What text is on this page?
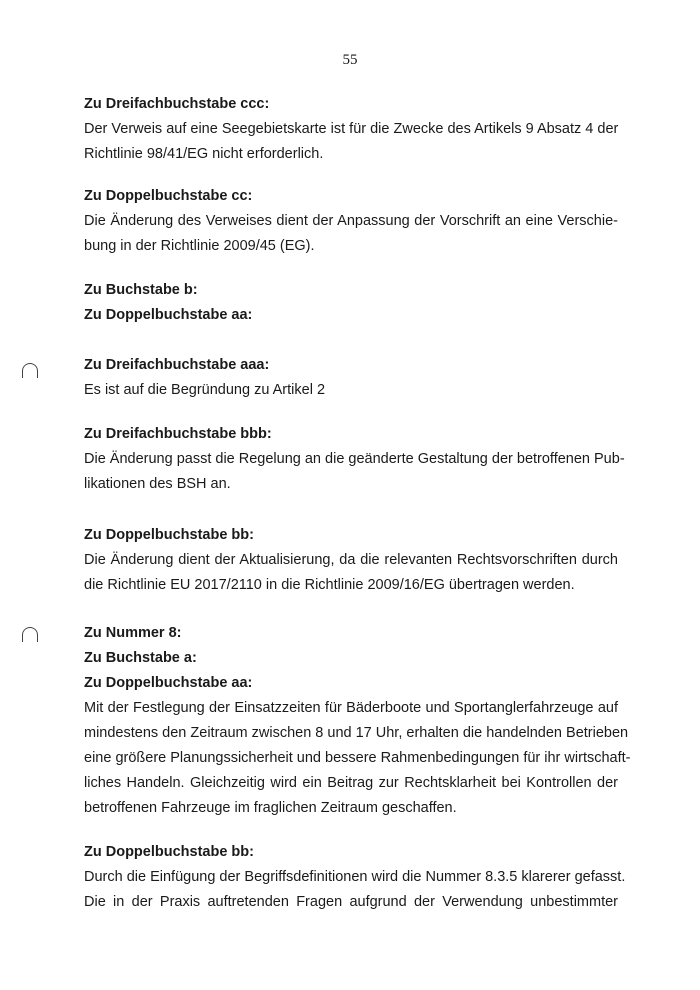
55
Zu Dreifachbuchstabe ccc:
Der Verweis auf eine Seegebietskarte ist für die Zwecke des Artikels 9 Absatz 4 der
Richtlinie 98/41/EG nicht erforderlich.
Zu Doppelbuchstabe cc:
Die Änderung des Verweises dient der Anpassung der Vorschrift an eine Verschie-
bung in der Richtlinie 2009/45 (EG).
Zu Buchstabe b:
Zu Doppelbuchstabe aa:
Zu Dreifachbuchstabe aaa:
Es ist auf die Begründung zu Artikel 2
Zu Dreifachbuchstabe bbb:
Die Änderung passt die Regelung an die geänderte Gestaltung der betroffenen Pub-
likationen des BSH an.
Zu Doppelbuchstabe bb:
Die Änderung dient der Aktualisierung, da die relevanten Rechtsvorschriften durch
die Richtlinie EU 2017/2110 in die Richtlinie 2009/16/EG übertragen werden.
Zu Nummer 8:
Zu Buchstabe a:
Zu Doppelbuchstabe aa:
Mit der Festlegung der Einsatzzeiten für Bäderboote und Sportanglerfahrzeuge auf
mindestens den Zeitraum zwischen 8 und 17 Uhr, erhalten die handelnden Betrieben
eine größere Planungssicherheit und bessere Rahmenbedingungen für ihr wirtschaft-
liches Handeln. Gleichzeitig wird ein Beitrag zur Rechtsklarheit bei Kontrollen der
betroffenen Fahrzeuge im fraglichen Zeitraum geschaffen.
Zu Doppelbuchstabe bb:
Durch die Einfügung der Begriffsdefinitionen wird die Nummer 8.3.5 klarerer gefasst.
Die in der Praxis auftretenden Fragen aufgrund der Verwendung unbestimmter
